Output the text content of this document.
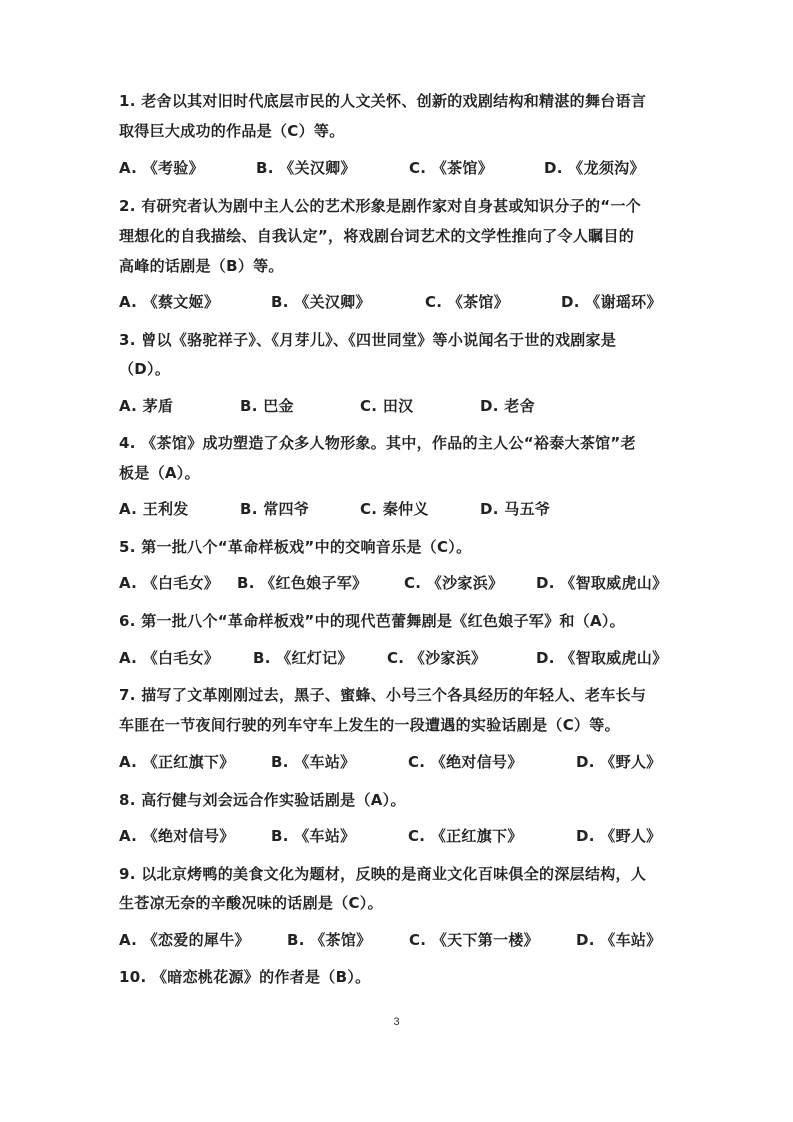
1. 老舍以其对旧时代底层市民的人文关怀、创新的戏剧结构和精湛的舞台语言
取得巨大成功的作品是（C）等。
A. 《考验》	B. 《关汉卿》	C. 《茶馆》	D. 《龙须沟》
2. 有研究者认为剧中主人公的艺术形象是剧作家对自身甚或知识分子的“一个
理想化的自我描绘、自我认定”，将戏剧台词艺术的文学性推向了令人瞩目的
高峰的话剧是（B）等。
A. 《蔡文姬》	B. 《关汉卿》	C. 《茶馆》	D. 《谢瑶环》
3. 曾以《骆驼祥子》、《月芽儿》、《四世同堂》等小说闻名于世的戏剧家是
（D）。
A. 茅盾	B. 巴金	C. 田汉	D. 老舍
4. 《茶馆》成功塑造了众多人物形象。其中，作品的主人公“裕泰大茶馆”老
板是（A）。
A. 王利发	B. 常四爷	C. 秦仲义	D. 马五爷
5. 第一批八个“革命样板戏”中的交响音乐是（C）。
A. 《白毛女》 B. 《红色娘子军》 C. 《沙家浜》 D. 《智取威虎山》
6. 第一批八个“革命样板戏”中的现代芭蕾舞剧是《红色娘子军》和（A）。
A. 《白毛女》 B. 《红灯记》 C. 《沙家浜》	D. 《智取威虎山》
7. 描写了文革刚刚过去，黑子、蜜蜂、小号三个各具经历的年轻人、老车长与
车匪在一节夜间行驶的列车守车上发生的一段遭遇的实验话剧是（C）等。
A. 《正红旗下》 B. 《车站》	C. 《绝对信号》	D. 《野人》
8. 高行健与刘会远合作实验话剧是（A）。
A. 《绝对信号》 B. 《车站》	C. 《正红旗下》	D. 《野人》
9. 以北京烤鸭的美食文化为题材，反映的是商业文化百味俱全的深层结构，人
生苍凉无奈的辛酸况味的话剧是（C）。
A. 《恋爱的犀牛》 B. 《茶馆》	C. 《天下第一楼》 D. 《车站》
10. 《暗恋桃花源》的作者是（B）。
3
